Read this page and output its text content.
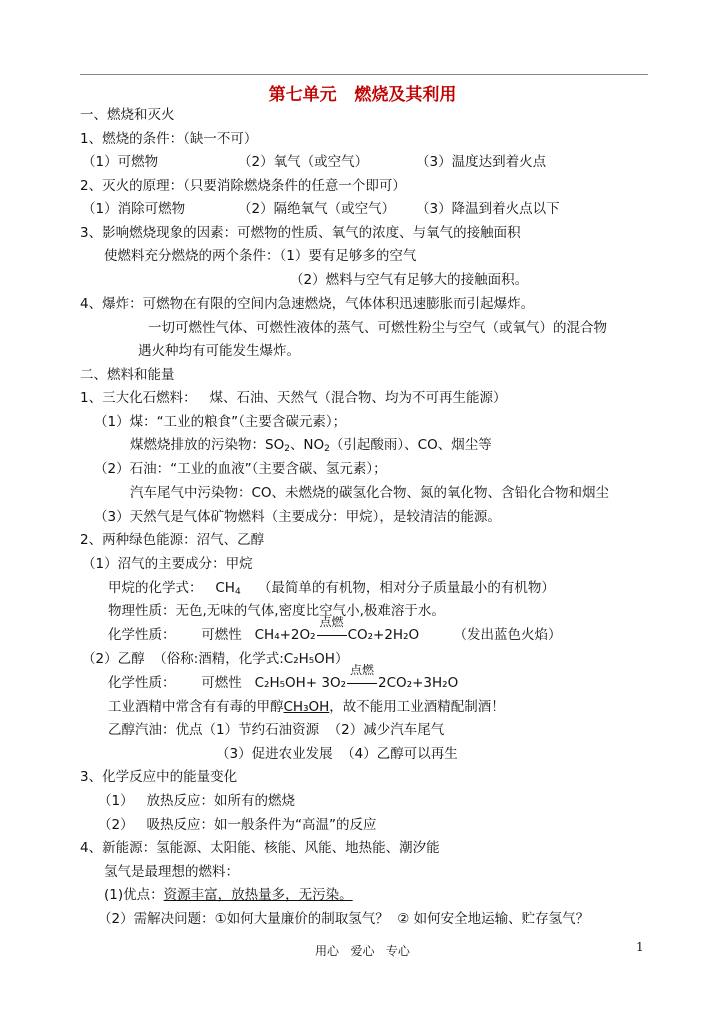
第七单元   燃烧及其利用
一、燃烧和灭火
1、燃烧的条件：（缺一不可）
（1）可燃物	（2）氧气（或空气）	（3）温度达到着火点
2、灭火的原理：（只要消除燃烧条件的任意一个即可）
（1）消除可燃物	（2）隔绝氧气（或空气） （3）降温到着火点以下
3、影响燃烧现象的因素：可燃物的性质、氧气的浓度、与氧气的接触面积
使燃料充分燃烧的两个条件：（1）要有足够多的空气
（2）燃料与空气有足够大的接触面积。
4、爆炸：可燃物在有限的空间内急速燃烧，气体体积迅速膨胀而引起爆炸。
一切可燃性气体、可燃性液体的蒸气、可燃性粉尘与空气（或氧气）的混合物
遇火种均有可能发生爆炸。
二、燃料和能量
1、三大化石燃料：   煤、石油、天然气（混合物、均为不可再生能源）
（1）煤：“工业的粮食”（主要含碳元素）；
煤燃烧排放的污染物：$SO_2$、$NO_2$（引起酸雨）、CO、烟尘等
（2）石油：“工业的血液”（主要含碳、氢元素）；
汽车尾气中污染物：CO、未燃烧的碳氢化合物、氮的氧化物、含铅化合物和烟尘
（3）天然气是气体矿物燃料（主要成分：甲烷），是较清洁的能源。
2、两种绿色能源：沼气、乙醇
（1）沼气的主要成分：甲烷
甲烷的化学式：   $CH_4$    （最简单的有机物，相对分子质量最小的有机物）
物理性质：无色,无味的气体,密度比空气小,极难溶于水。
化学性质： 可燃性 CH₄+2O₂
点燃
CO₂+2H₂O	（发出蓝色火焰）
（2）乙醇  （俗称:酒精，化学式:C₂H₅OH）
化学性质： 可燃性 C₂H₅OH+ 3O₂
点燃
2CO₂+3H₂O
工业酒精中常含有有毒的甲醇CH₃OH，故不能用工业酒精配制酒！
乙醇汽油：优点（1）节约石油资源  （2）减少汽车尾气
（3）促进农业发展  （4）乙醇可以再生
3、化学反应中的能量变化
（1）   放热反应：如所有的燃烧
（2）   吸热反应：如一般条件为“高温”的反应
4、新能源：氢能源、太阳能、核能、风能、地热能、潮汐能
氢气是最理想的燃料：
(1)优点：资源丰富，放热量多，无污染。
（2）需解决问题：①如何大量廉价的制取氢气？  ② 如何安全地运输、贮存氢气？
用心   爱心   专心	1
